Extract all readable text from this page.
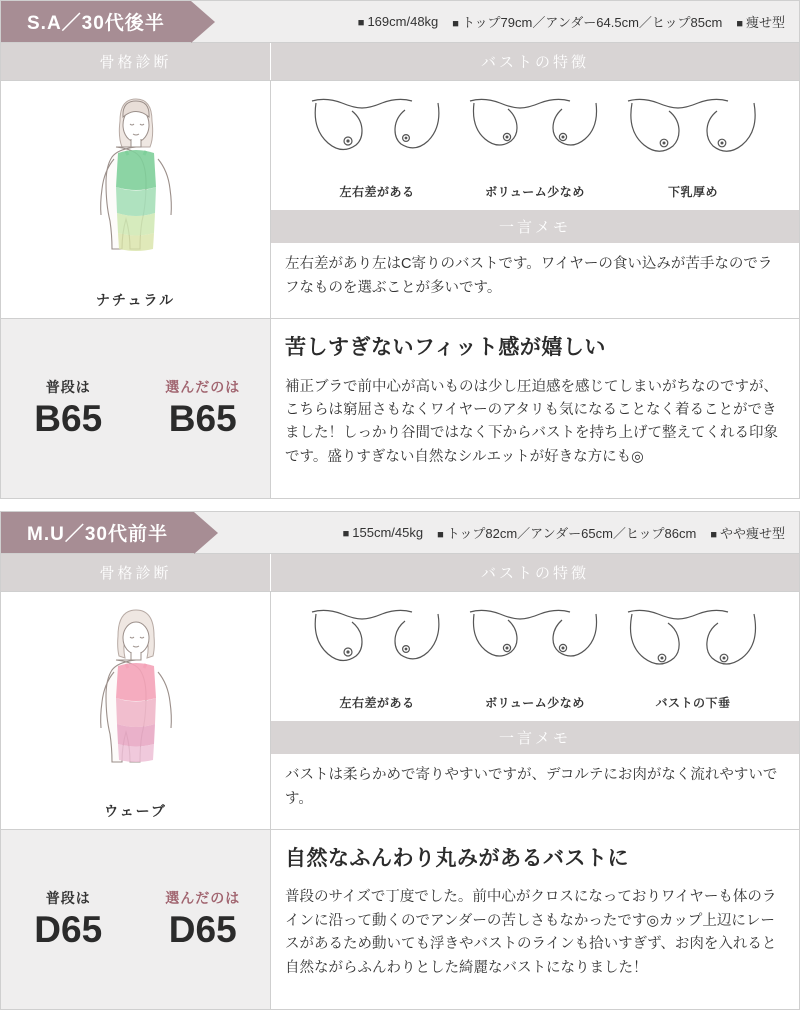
S.A／30代後半	■ 169cm/48kg	■ トップ79cm／アンダー64.5cm／ヒップ85cm	■ 痩せ型
骨格診断	バストの特徴
ナチュラル
左右差がある	ボリューム少なめ	下乳厚め
一言メモ
左右差があり左はC寄りのバストです。ワイヤーの食い込みが苦手なのでラフなものを選ぶことが多いです。
普段は
B65
選んだのは
B65
苦しすぎないフィット感が嬉しい

補正ブラで前中心が高いものは少し圧迫感を感じてしまいがちなのですが、こちらは窮屈さもなくワイヤーのアタリも気になることなく着ることができました！しっかり谷間ではなく下からバストを持ち上げて整えてくれる印象です。盛りすぎない自然なシルエットが好きな方にも◎

M.U／30代前半	■ 155cm/45kg	■ トップ82cm／アンダー65cm／ヒップ86cm	■ やや痩せ型
骨格診断	バストの特徴
ウェーブ
左右差がある	ボリューム少なめ	バストの下垂
一言メモ
バストは柔らかめで寄りやすいですが、デコルテにお肉がなく流れやすいです。
普段は
D65
選んだのは
D65
自然なふんわり丸みがあるバストに

普段のサイズで丁度でした。前中心がクロスになっておりワイヤーも体のラインに沿って動くのでアンダーの苦しさもなかったです◎カップ上辺にレースがあるため動いても浮きやバストのラインも拾いすぎず、お肉を入れると自然ながらふんわりとした綺麗なバストになりました！
